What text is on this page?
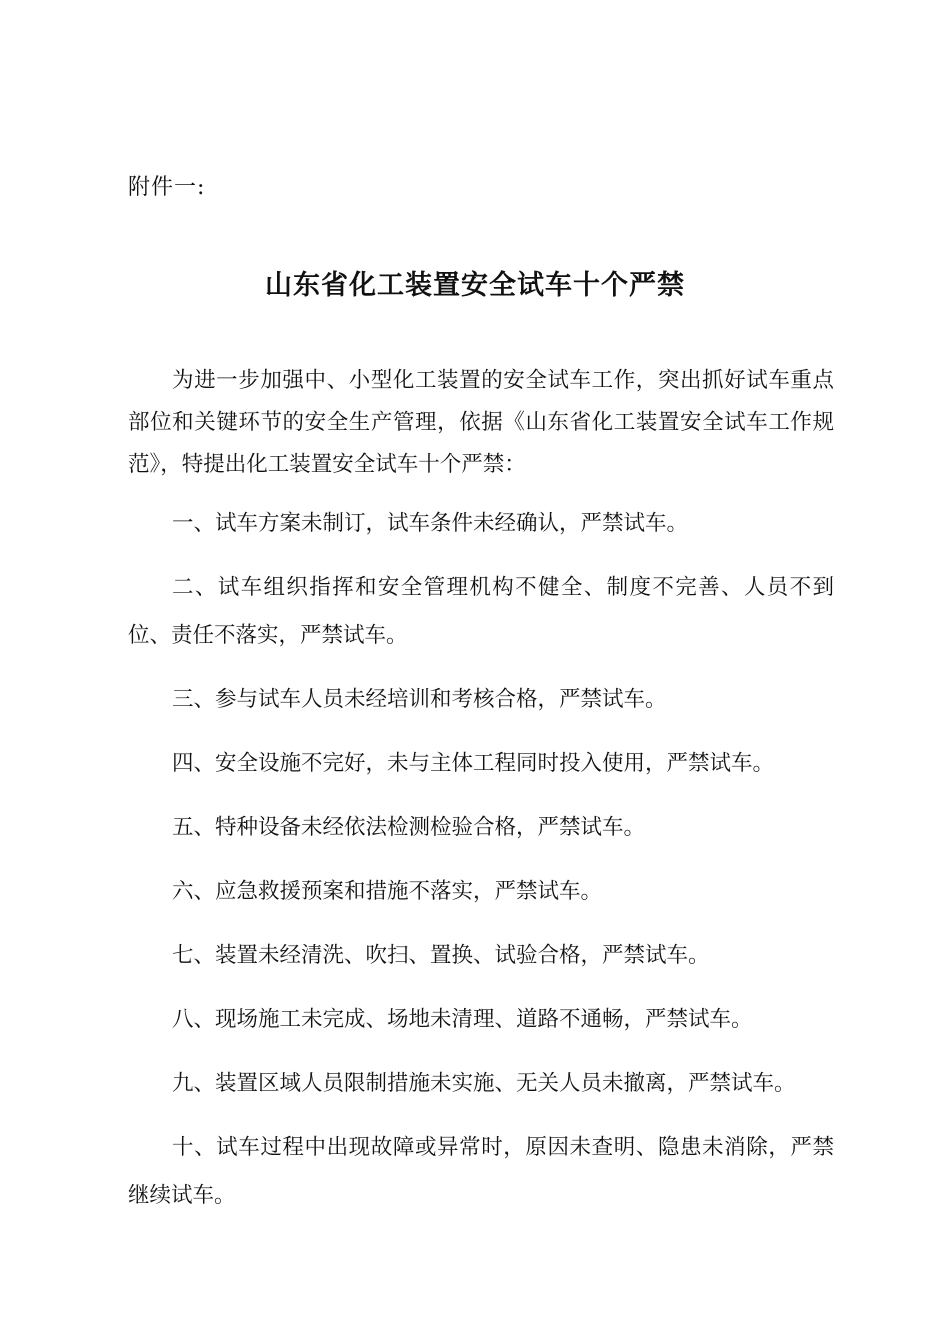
附件一:
山东省化工装置安全试车十个严禁

为进一步加强中、小型化工装置的安全试车工作，突出抓好试车重点部位和关键环节的安全生产管理，依据《山东省化工装置安全试车工作规范》，特提出化工装置安全试车十个严禁：

一、试车方案未制订，试车条件未经确认，严禁试车。

二、试车组织指挥和安全管理机构不健全、制度不完善、人员不到位、责任不落实，严禁试车。

三、参与试车人员未经培训和考核合格，严禁试车。

四、安全设施不完好，未与主体工程同时投入使用，严禁试车。

五、特种设备未经依法检测检验合格，严禁试车。

六、应急救援预案和措施不落实，严禁试车。

七、装置未经清洗、吹扫、置换、试验合格，严禁试车。

八、现场施工未完成、场地未清理、道路不通畅，严禁试车。

九、装置区域人员限制措施未实施、无关人员未撤离，严禁试车。

十、试车过程中出现故障或异常时，原因未查明、隐患未消除，严禁继续试车。
